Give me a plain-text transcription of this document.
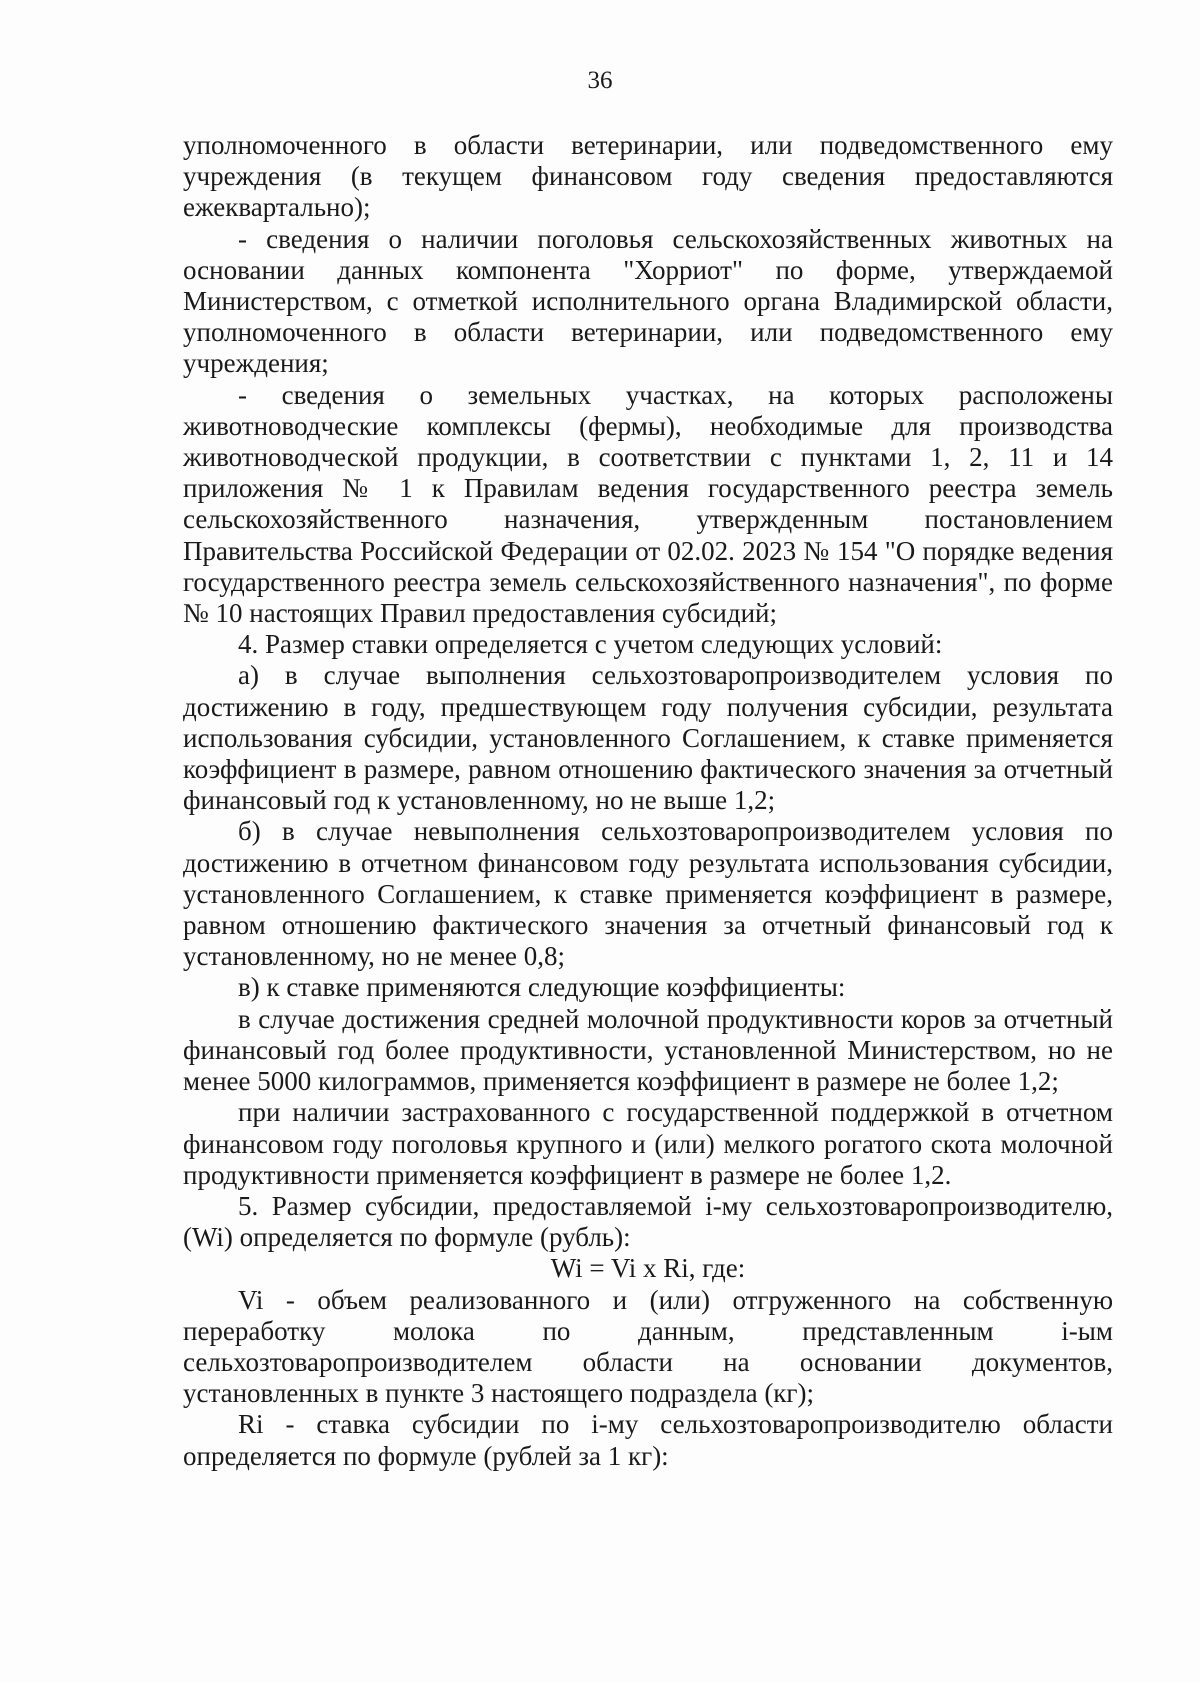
36

уполномоченного в области ветеринарии, или подведомственного ему учреждения (в текущем финансовом году сведения предоставляются ежеквартально);

- сведения о наличии поголовья сельскохозяйственных животных на основании данных компонента "Хорриот" по форме, утверждаемой Министерством, с отметкой исполнительного органа Владимирской области, уполномоченного в области ветеринарии, или подведомственного ему учреждения;

- сведения о земельных участках, на которых расположены животноводческие комплексы (фермы), необходимые для производства животноводческой продукции, в соответствии с пунктами 1, 2, 11 и 14 приложения № 1 к Правилам ведения государственного реестра земель сельскохозяйственного назначения, утвержденным постановлением Правительства Российской Федерации от 02.02. 2023 № 154 "О порядке ведения государственного реестра земель сельскохозяйственного назначения", по форме № 10 настоящих Правил предоставления субсидий;

4. Размер ставки определяется с учетом следующих условий:

а) в случае выполнения сельхозтоваропроизводителем условия по достижению в году, предшествующем году получения субсидии, результата использования субсидии, установленного Соглашением, к ставке применяется коэффициент в размере, равном отношению фактического значения за отчетный финансовый год к установленному, но не выше 1,2;

б) в случае невыполнения сельхозтоваропроизводителем условия по достижению в отчетном финансовом году результата использования субсидии, установленного Соглашением, к ставке применяется коэффициент в размере, равном отношению фактического значения за отчетный финансовый год к установленному, но не менее 0,8;

в) к ставке применяются следующие коэффициенты:

в случае достижения средней молочной продуктивности коров за отчетный финансовый год более продуктивности, установленной Министерством, но не менее 5000 килограммов, применяется коэффициент в размере не более 1,2;

при наличии застрахованного с государственной поддержкой в отчетном финансовом году поголовья крупного и (или) мелкого рогатого скота молочной продуктивности применяется коэффициент в размере не более 1,2.

5. Размер субсидии, предоставляемой i-му сельхозтоваропроизводителю, (Wi) определяется по формуле (рубль):

Wi = Vi x Ri, где:

Vi - объем реализованного и (или) отгруженного на собственную переработку молока по данным, представленным i-ым сельхозтоваропроизводителем области на основании документов, установленных в пункте 3 настоящего подраздела (кг);

Ri - ставка субсидии по i-му сельхозтоваропроизводителю области определяется по формуле (рублей за 1 кг):
